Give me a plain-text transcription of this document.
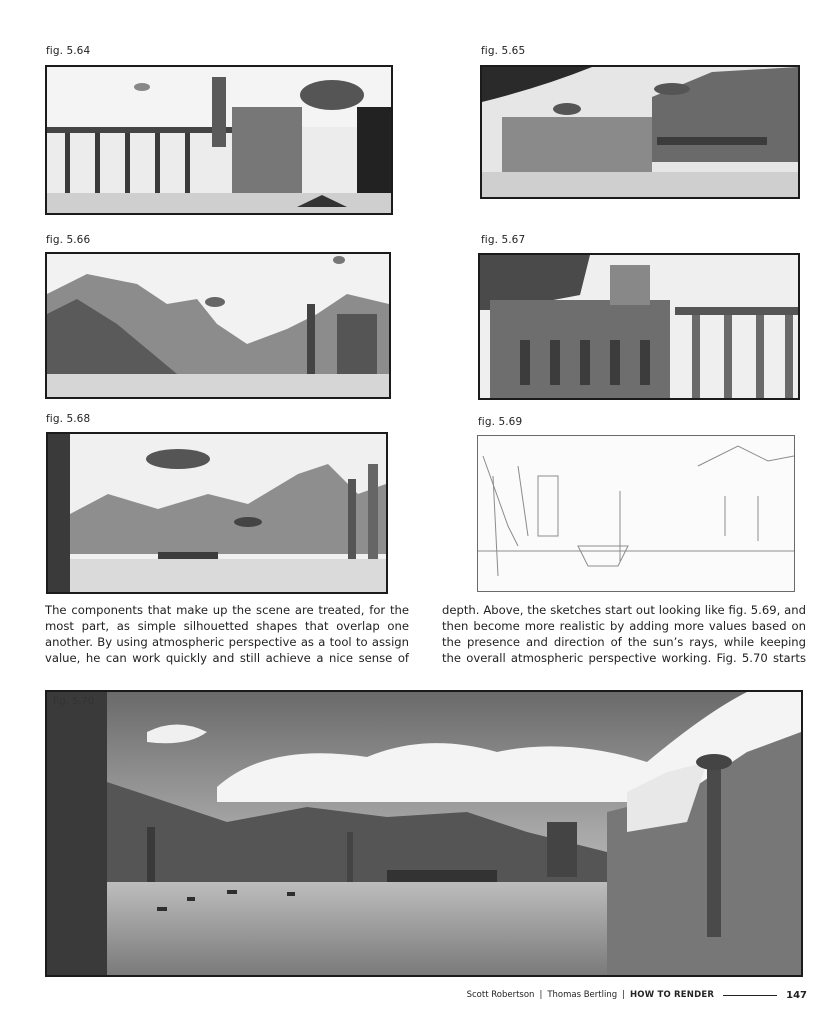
fig. 5.64	fig. 5.65
fig. 5.66	fig. 5.67
fig. 5.68	fig. 5.69
The components that make up the scene are treated, for the most part, as simple silhouetted shapes that overlap one another. By using atmospheric perspective as a tool to assign value, he can work quickly and still achieve a nice sense of
depth. Above, the sketches start out looking like fig. 5.69, and then become more realistic by adding more values based on the presence and direction of the sun’s rays, while keeping the overall atmospheric perspective working. Fig. 5.70 starts
fig. 5.70
Scott Robertson | Thomas Bertling | HOW TO RENDER	147
